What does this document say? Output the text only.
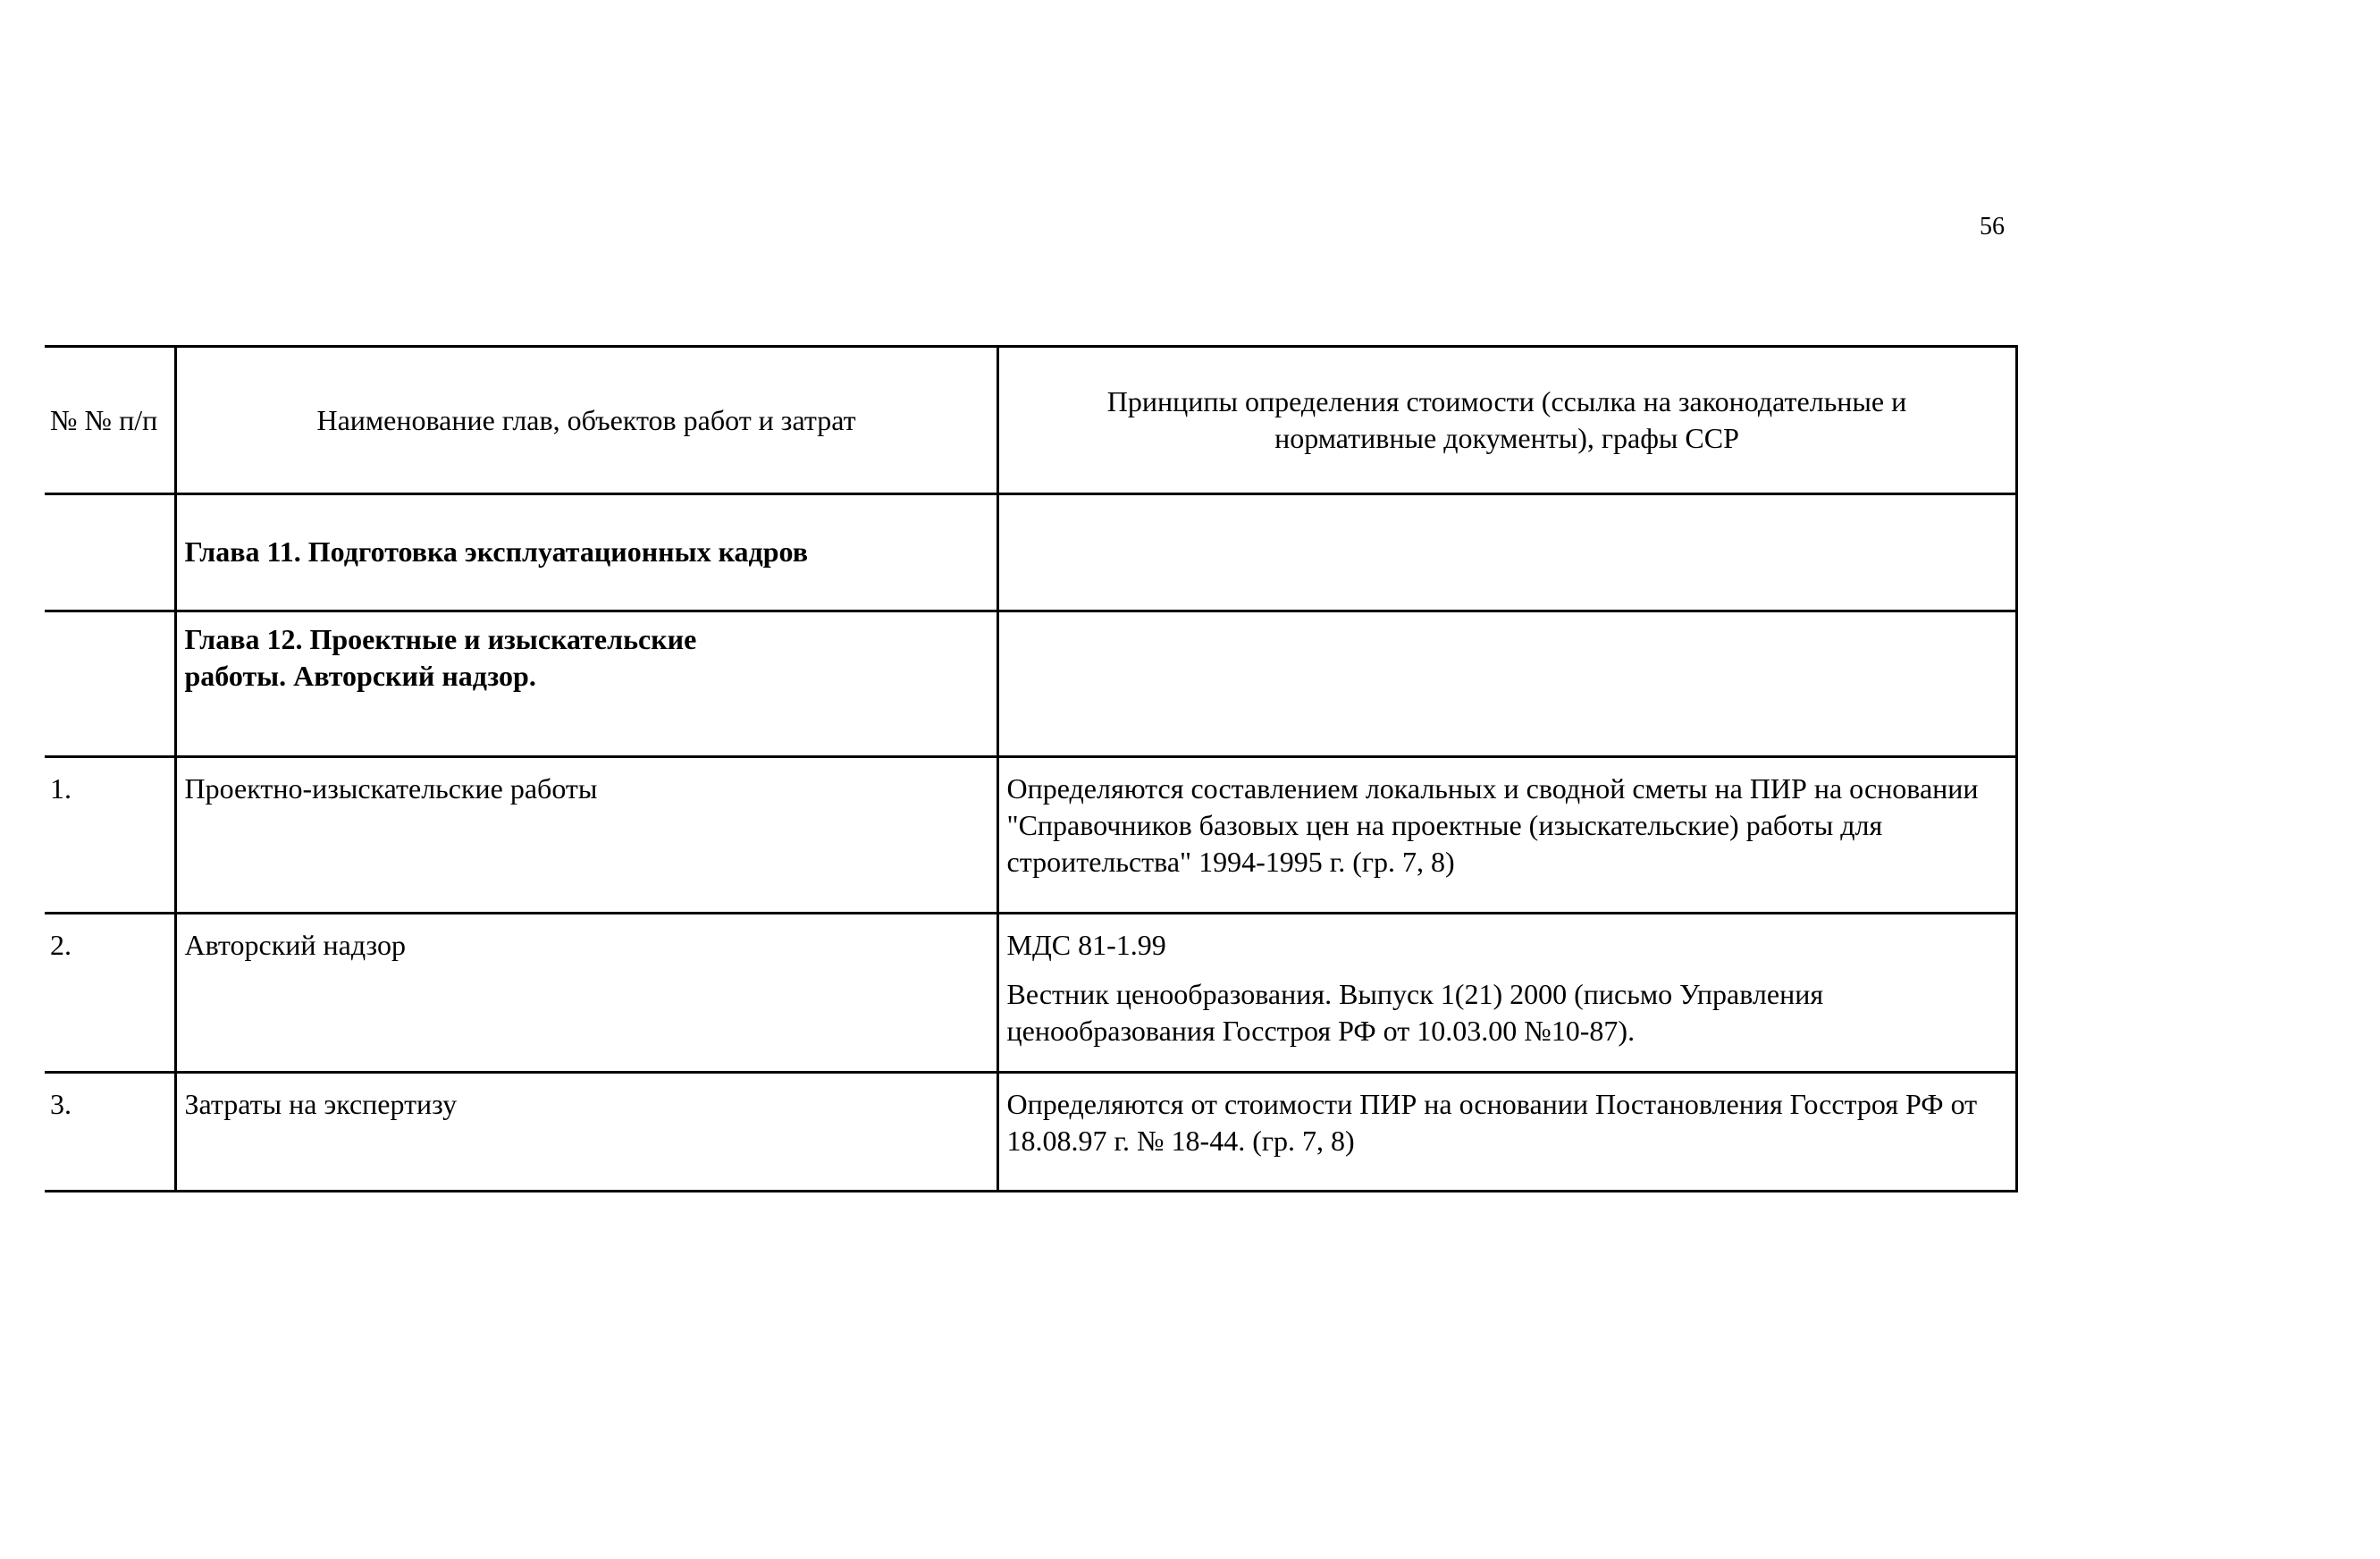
56
№ № п/п	Наименование глав, объектов работ и затрат	Принципы определения стоимости (ссылка на законодательные и нормативные документы), графы ССР

	Глава 11. Подготовка эксплуатационных кадров	

	Глава 12. Проектные и изыскательские работы. Авторский надзор.	

1.	Проектно-изыскательские работы	Определяются составлением локальных и сводной сметы на ПИР на основании "Справочников базовых цен на проектные (изыскательские) работы для строительства" 1994-1995 г. (гр. 7, 8)

2.	Авторский надзор	МДС 81-1.99
Вестник ценообразования. Выпуск 1(21) 2000 (письмо Управления ценообразования Госстроя РФ от 10.03.00 №10-87).

3.	Затраты на экспертизу	Определяются от стоимости ПИР на основании Постановления Госстроя РФ от 18.08.97 г. № 18-44. (гр. 7, 8)
